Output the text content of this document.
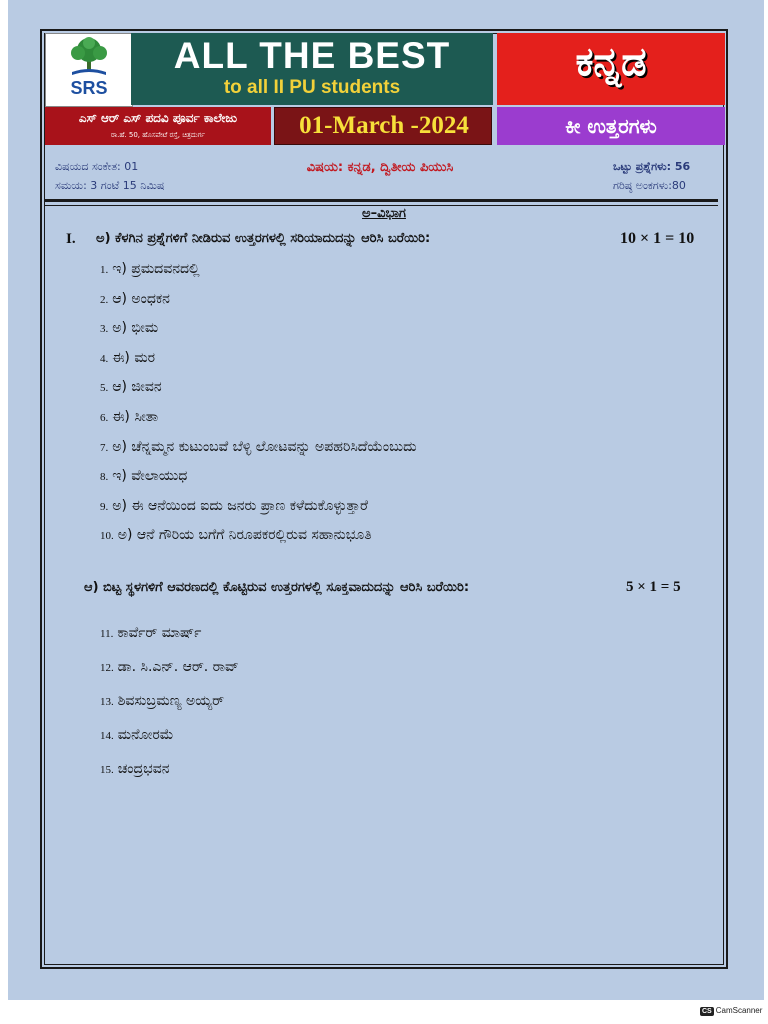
SRS
ALL THE BEST
to all II PU students
ಕನ್ನಡ
ಎಸ್ ಆರ್ ಎಸ್ ಪದವಿ ಪೂರ್ವ ಕಾಲೇಜು
ರಾ.ಹೆ. 50, ಹೊಸಪೇಟೆ ರಸ್ತೆ, ಚಿತ್ರದುರ್ಗ	01-March -2024	ಕೀ ಉತ್ತರಗಳು
ವಿಷಯದ ಸಂಕೇತ: 01
ಸಮಯ: 3 ಗಂಟೆ 15 ನಿಮಿಷ
ವಿಷಯ: ಕನ್ನಡ, ದ್ವಿತೀಯ ಪಿಯುಸಿ	ಒಟ್ಟು ಪ್ರಶ್ನೆಗಳು: 56
ಗರಿಷ್ಠ ಅಂಕಗಳು:80
ಅ–ವಿಭಾಗ
I. ಅ) ಕೆಳಗಿನ ಪ್ರಶ್ನೆಗಳಿಗೆ ನೀಡಿರುವ ಉತ್ತರಗಳಲ್ಲಿ ಸರಿಯಾದುದನ್ನು ಆರಿಸಿ ಬರೆಯಿರಿ:	10 × 1 = 10
1. ಇ) ಪ್ರಮದವನದಲ್ಲಿ
2. ಆ) ಅಂಧಕನ
3. ಅ) ಭೀಮ
4. ಈ) ಮರ
5. ಆ) ಜೀವನ
6. ಈ) ಸೀತಾ
7. ಅ) ಚೆನ್ನಮ್ಮನ ಕುಟುಂಬವೆ ಬೆಳ್ಳಿ ಲೋಟವನ್ನು ಅಪಹರಿಸಿದೆಯೆಂಬುದು
8. ಇ) ವೇಲಾಯುಧ
9. ಅ) ಈ ಆನೆಯಿಂದ ಐದು ಜನರು ಪ್ರಾಣ ಕಳೆದುಕೊಳ್ಳುತ್ತಾರೆ
10. ಅ) ಆನೆ ಗೌರಿಯ ಬಗೆಗೆ ನಿರೂಪಕರಲ್ಲಿರುವ ಸಹಾನುಭೂತಿ
ಆ) ಬಿಟ್ಟ ಸ್ಥಳಗಳಿಗೆ ಆವರಣದಲ್ಲಿ ಕೊಟ್ಟಿರುವ ಉತ್ತರಗಳಲ್ಲಿ ಸೂಕ್ತವಾದುದನ್ನು ಆರಿಸಿ ಬರೆಯಿರಿ:	5 × 1 = 5
11. ಕಾರ್ವೆರ್ ಮಾರ್ಷ್
12. ಡಾ. ಸಿ.ಎನ್. ಆರ್. ರಾವ್
13. ಶಿವಸುಬ್ರಮಣ್ಯ ಅಯ್ಯರ್
14. ಮನೋರಮೆ
15. ಚಂದ್ರಭವನ
CS CamScanner
